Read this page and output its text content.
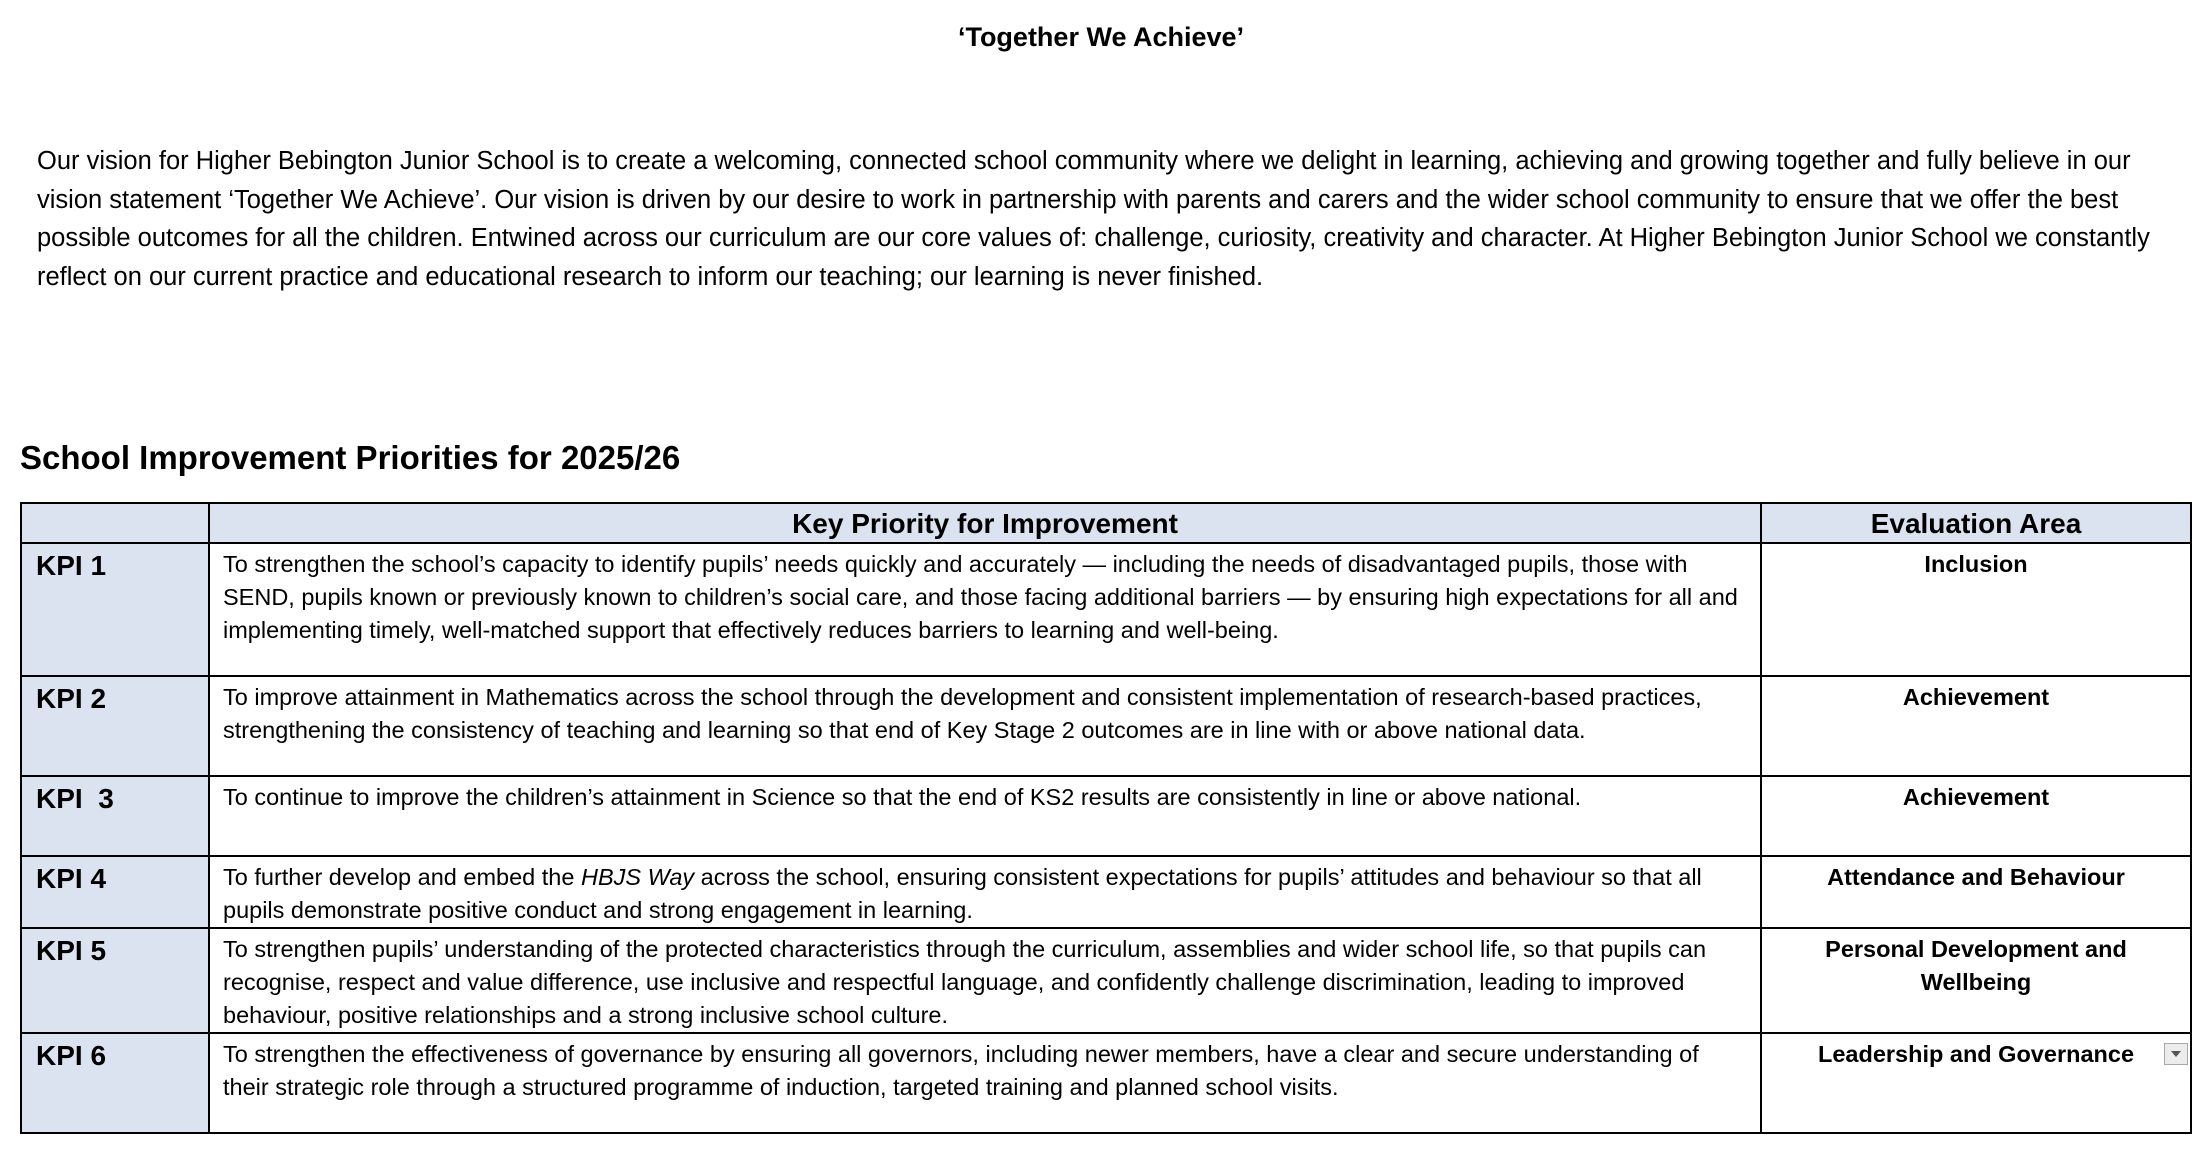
‘Together We Achieve’

Our vision for Higher Bebington Junior School is to create a welcoming, connected school community where we delight in learning, achieving and growing together and fully believe in our vision statement ‘Together We Achieve’. Our vision is driven by our desire to work in partnership with parents and carers and the wider school community to ensure that we offer the best possible outcomes for all the children. Entwined across our curriculum are our core values of: challenge, curiosity, creativity and character. At Higher Bebington Junior School we constantly reflect on our current practice and educational research to inform our teaching; our learning is never finished.

School Improvement Priorities for 2025/26
	Key Priority for Improvement	Evaluation Area

KPI 1	To strengthen the school’s capacity to identify pupils’ needs quickly and accurately — including the needs of disadvantaged pupils, those with SEND, pupils known or previously known to children’s social care, and those facing additional barriers — by ensuring high expectations for all and implementing timely, well-matched support that effectively reduces barriers to learning and well-being.	Inclusion

KPI 2	To improve attainment in Mathematics across the school through the development and consistent implementation of research-based practices, strengthening the consistency of teaching and learning so that end of Key Stage 2 outcomes are in line with or above national data.	Achievement

KPI  3	To continue to improve the children’s attainment in Science so that the end of KS2 results are consistently in line or above national.	Achievement

KPI 4	To further develop and embed the HBJS Way across the school, ensuring consistent expectations for pupils’ attitudes and behaviour so that all pupils demonstrate positive conduct and strong engagement in learning.	Attendance and Behaviour

KPI 5	To strengthen pupils’ understanding of the protected characteristics through the curriculum, assemblies and wider school life, so that pupils can recognise, respect and value difference, use inclusive and respectful language, and confidently challenge discrimination, leading to improved behaviour, positive relationships and a strong inclusive school culture.	Personal Development and Wellbeing

KPI 6	To strengthen the effectiveness of governance by ensuring all governors, including newer members, have a clear and secure understanding of their strategic role through a structured programme of induction, targeted training and planned school visits.	Leadership and Governance
